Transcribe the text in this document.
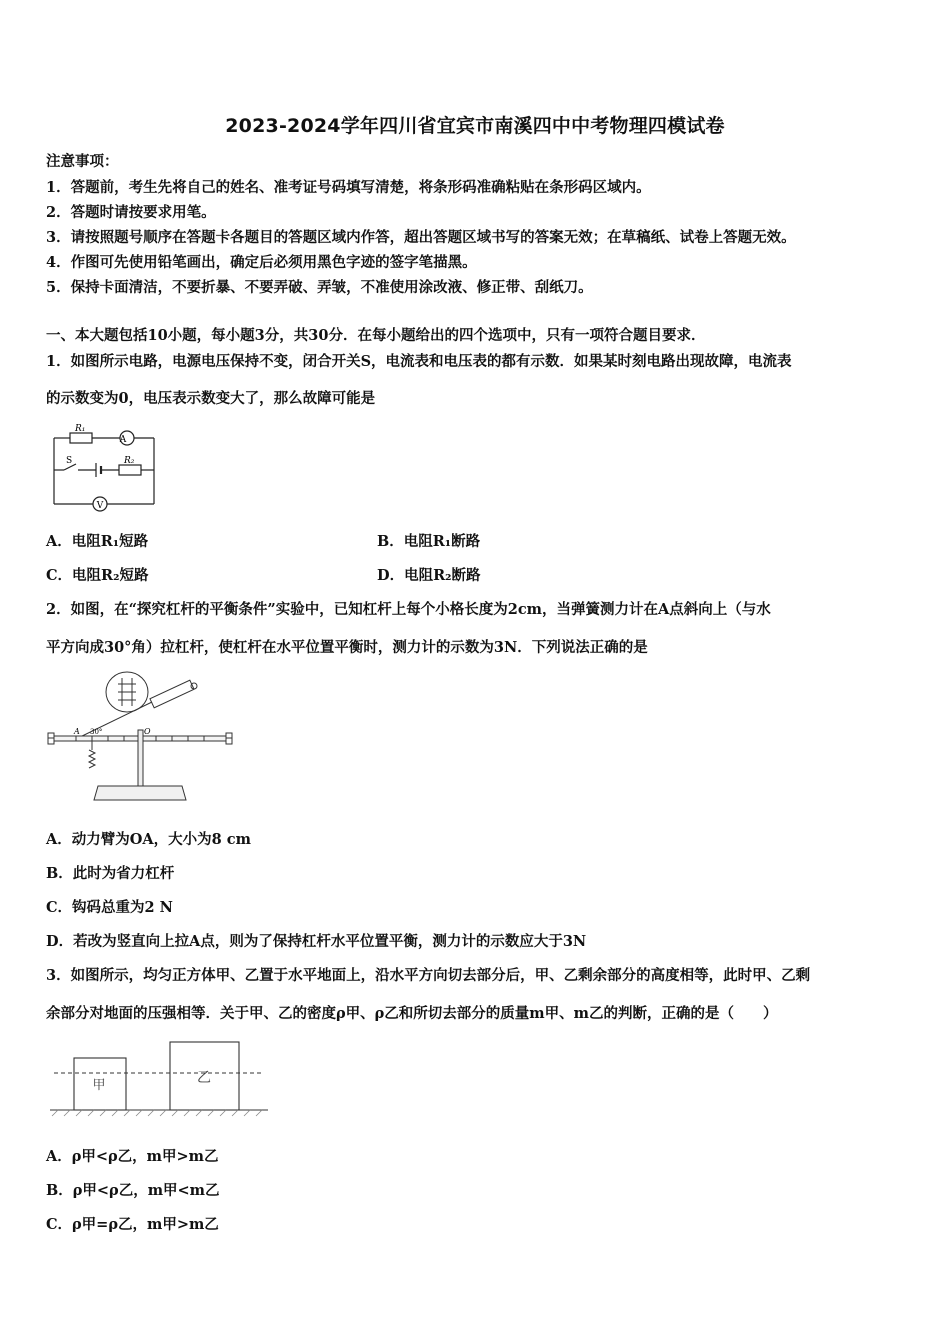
2023-2024学年四川省宜宾市南溪四中中考物理四模试卷
注意事项：
1．答题前，考生先将自己的姓名、准考证号码填写清楚，将条形码准确粘贴在条形码区域内。
2．答题时请按要求用笔。
3．请按照题号顺序在答题卡各题目的答题区域内作答，超出答题区域书写的答案无效；在草稿纸、试卷上答题无效。
4．作图可先使用铅笔画出，确定后必须用黑色字迹的签字笔描黑。
5．保持卡面清洁，不要折暴、不要弄破、弄皱，不准使用涂改液、修正带、刮纸刀。
一、本大题包括10小题，每小题3分，共30分．在每小题给出的四个选项中，只有一项符合题目要求．
1．如图所示电路，电源电压保持不变，闭合开关S，电流表和电压表的都有示数．如果某时刻电路出现故障，电流表
的示数变为0，电压表示数变大了，那么故障可能是
R₁
A
S	R₂
V
A．电阻R₁短路	B．电阻R₁断路
C．电阻R₂短路	D．电阻R₂断路
2．如图，在“探究杠杆的平衡条件”实验中，已知杠杆上每个小格长度为2cm，当弹簧测力计在A点斜向上（与水
平方向成30°角）拉杠杆，使杠杆在水平位置平衡时，测力计的示数为3N．下列说法正确的是
A	O
30°
A．动力臂为OA，大小为8 cm
B．此时为省力杠杆
C．钩码总重为2 N
D．若改为竖直向上拉A点，则为了保持杠杆水平位置平衡，测力计的示数应大于3N
3．如图所示，均匀正方体甲、乙置于水平地面上，沿水平方向切去部分后，甲、乙剩余部分的高度相等，此时甲、乙剩
余部分对地面的压强相等．关于甲、乙的密度ρ甲、ρ乙和所切去部分的质量m甲、m乙的判断，正确的是（　　）
甲	乙
A．ρ甲<ρ乙，m甲>m乙
B．ρ甲<ρ乙，m甲<m乙
C．ρ甲=ρ乙，m甲>m乙
